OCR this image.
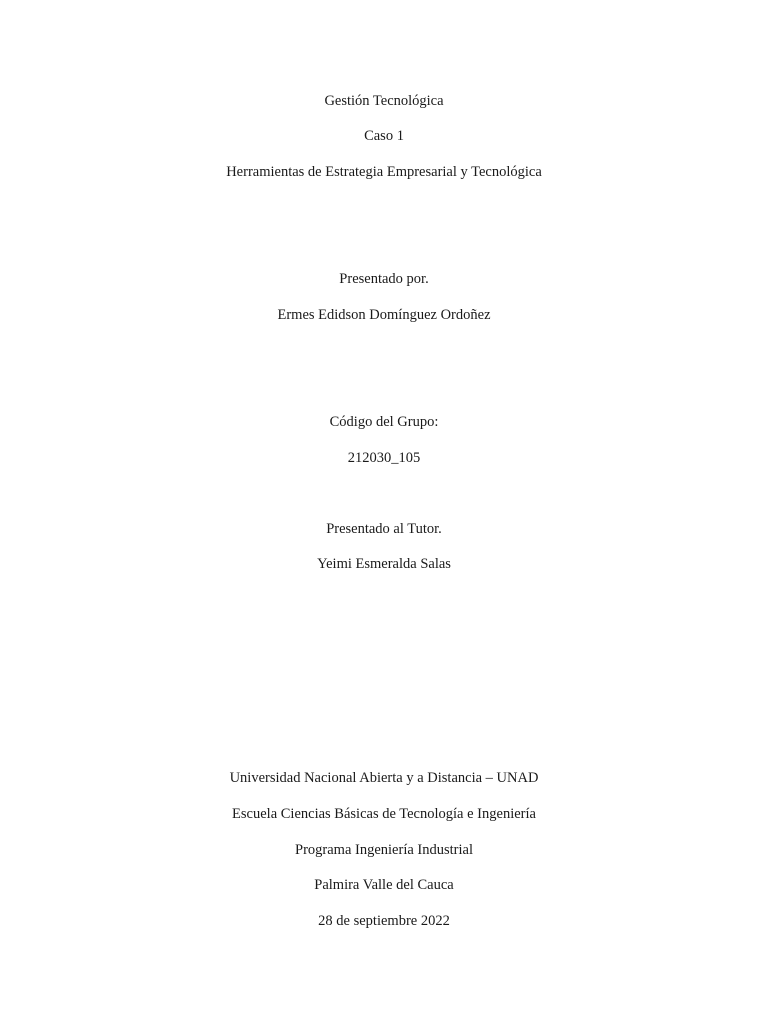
Gestión Tecnológica
Caso 1
Herramientas de Estrategia Empresarial y Tecnológica
Presentado por.
Ermes Edidson Domínguez Ordoñez
Código del Grupo:
212030_105
Presentado al Tutor.
Yeimi Esmeralda Salas
Universidad Nacional Abierta y a Distancia – UNAD
Escuela Ciencias Básicas de Tecnología e Ingeniería
Programa Ingeniería Industrial
Palmira Valle del Cauca
28 de septiembre 2022
